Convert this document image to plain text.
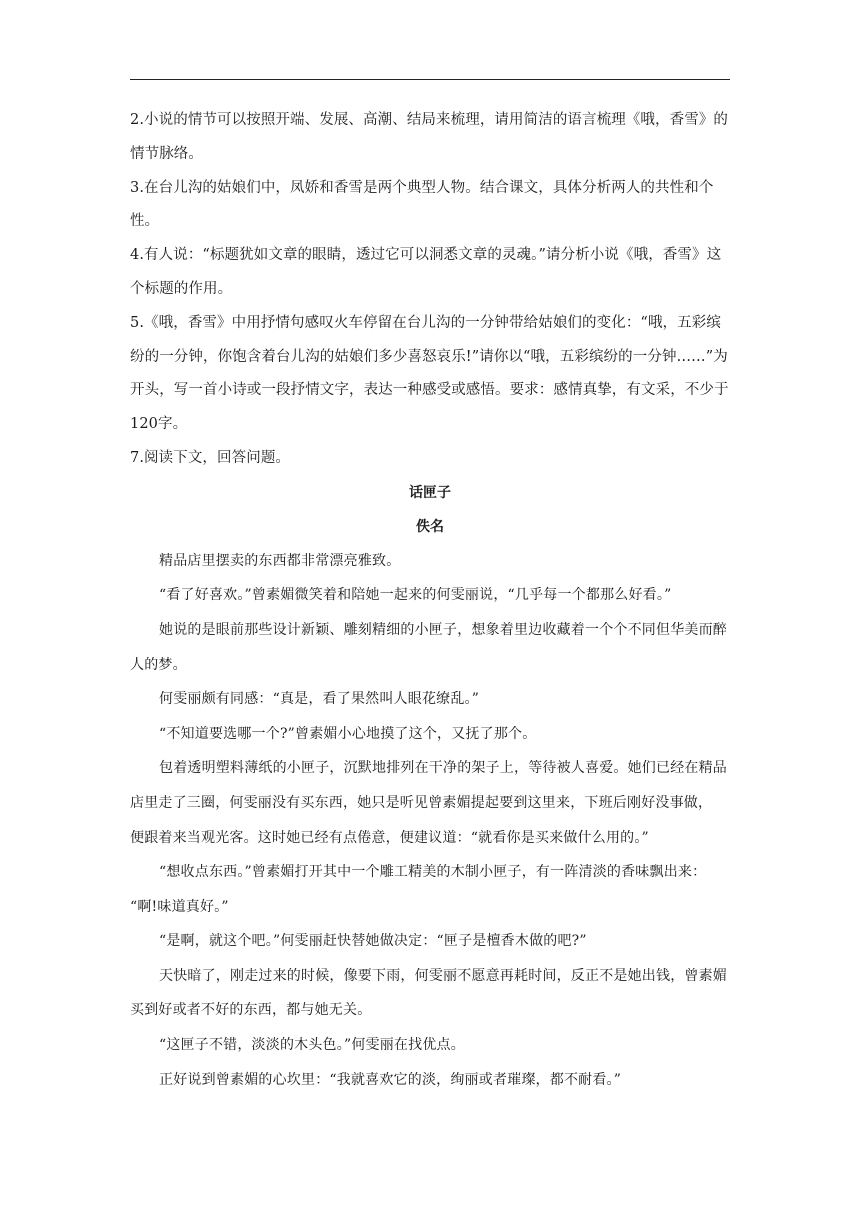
2.小说的情节可以按照开端、发展、高潮、结局来梳理，请用简洁的语言梳理《哦，香雪》的情节脉络。

3.在台儿沟的姑娘们中，凤娇和香雪是两个典型人物。结合课文，具体分析两人的共性和个性。

4.有人说：“标题犹如文章的眼睛，透过它可以洞悉文章的灵魂。”请分析小说《哦，香雪》这个标题的作用。

5.《哦，香雪》中用抒情句感叹火车停留在台儿沟的一分钟带给姑娘们的变化：“哦，五彩缤纷的一分钟，你饱含着台儿沟的姑娘们多少喜怒哀乐!”请你以“哦，五彩缤纷的一分钟……”为开头，写一首小诗或一段抒情文字，表达一种感受或感悟。要求：感情真挚，有文采，不少于120字。

7.阅读下文，回答问题。

话匣子

佚名

精品店里摆卖的东西都非常漂亮雅致。

“看了好喜欢。”曾素媚微笑着和陪她一起来的何雯丽说，“几乎每一个都那么好看。”

她说的是眼前那些设计新颖、雕刻精细的小匣子，想象着里边收藏着一个个不同但华美而醉人的梦。

何雯丽颇有同感：“真是，看了果然叫人眼花缭乱。”

“不知道要选哪一个?”曾素媚小心地摸了这个，又抚了那个。

包着透明塑料薄纸的小匣子，沉默地排列在干净的架子上，等待被人喜爱。她们已经在精品店里走了三圈，何雯丽没有买东西，她只是听见曾素媚提起要到这里来，下班后刚好没事做， 便跟着来当观光客。这时她已经有点倦意，便建议道：“就看你是买来做什么用的。”

“想收点东西。”曾素媚打开其中一个雕工精美的木制小匣子，有一阵清淡的香味飘出来： “啊!味道真好。”

“是啊，就这个吧。”何雯丽赶快替她做决定：“匣子是檀香木做的吧?”

天快暗了，刚走过来的时候，像要下雨，何雯丽不愿意再耗时间，反正不是她出钱，曾素媚买到好或者不好的东西，都与她无关。

“这匣子不错，淡淡的木头色。”何雯丽在找优点。

正好说到曾素媚的心坎里：“我就喜欢它的淡，绚丽或者璀璨，都不耐看。”
